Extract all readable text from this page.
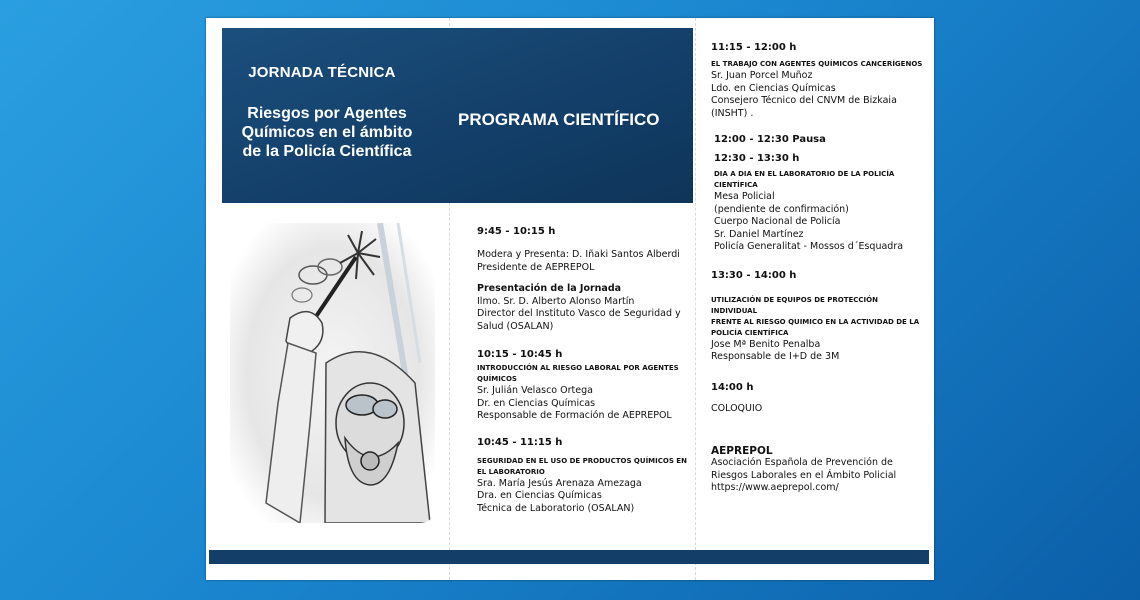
JORNADA TÉCNICA
Riesgos por Agentes
Químicos en el ámbito
de la Policía Científica
PROGRAMA CIENTÍFICO

9:45 - 10:15 h

Modera y Presenta: D. Iñaki Santos Alberdi

Presidente de AEPREPOL

Presentación de la Jornada

Ilmo. Sr. D. Alberto Alonso Martín

Director del Instituto Vasco de Seguridad y

Salud (OSALAN)

10:15 - 10:45 h

INTRODUCCIÓN AL RIESGO LABORAL POR AGENTES

QUÍMICOS

Sr. Julián Velasco Ortega

Dr. en Ciencias Químicas

Responsable de Formación de AEPREPOL

10:45 - 11:15 h

SEGURIDAD EN EL USO DE PRODUCTOS QUÍMICOS EN

EL LABORATORIO

Sra. María Jesús Arenaza Amezaga

Dra. en Ciencias Químicas

Técnica de Laboratorio (OSALAN)

11:15 - 12:00 h

EL TRABAJO CON AGENTES QUÍMICOS CANCERÍGENOS

Sr. Juan Porcel Muñoz

Ldo. en Ciencias Químicas

Consejero Técnico del CNVM de Bizkaia

(INSHT) .

12:00 - 12:30 Pausa

12:30 - 13:30 h

DIA A DIA EN EL LABORATORIO DE LA POLICÍA

CIENTÍFICA

Mesa Policial

(pendiente de confirmación)

Cuerpo Nacional de Policía

Sr. Daniel Martínez

Policía Generalitat - Mossos d´Esquadra

13:30 - 14:00 h

UTILIZACIÓN DE EQUIPOS DE PROTECCIÓN INDIVIDUAL

FRENTE AL RIESGO QUIMICO EN LA ACTIVIDAD DE LA

POLICÍA CIENTÍFICA

Jose Mª Benito Penalba

Responsable de I+D de 3M

14:00 h

COLOQUIO

AEPREPOL

Asociación Española de Prevención de

Riesgos Laborales en el Ámbito Policial

https://www.aeprepol.com/
